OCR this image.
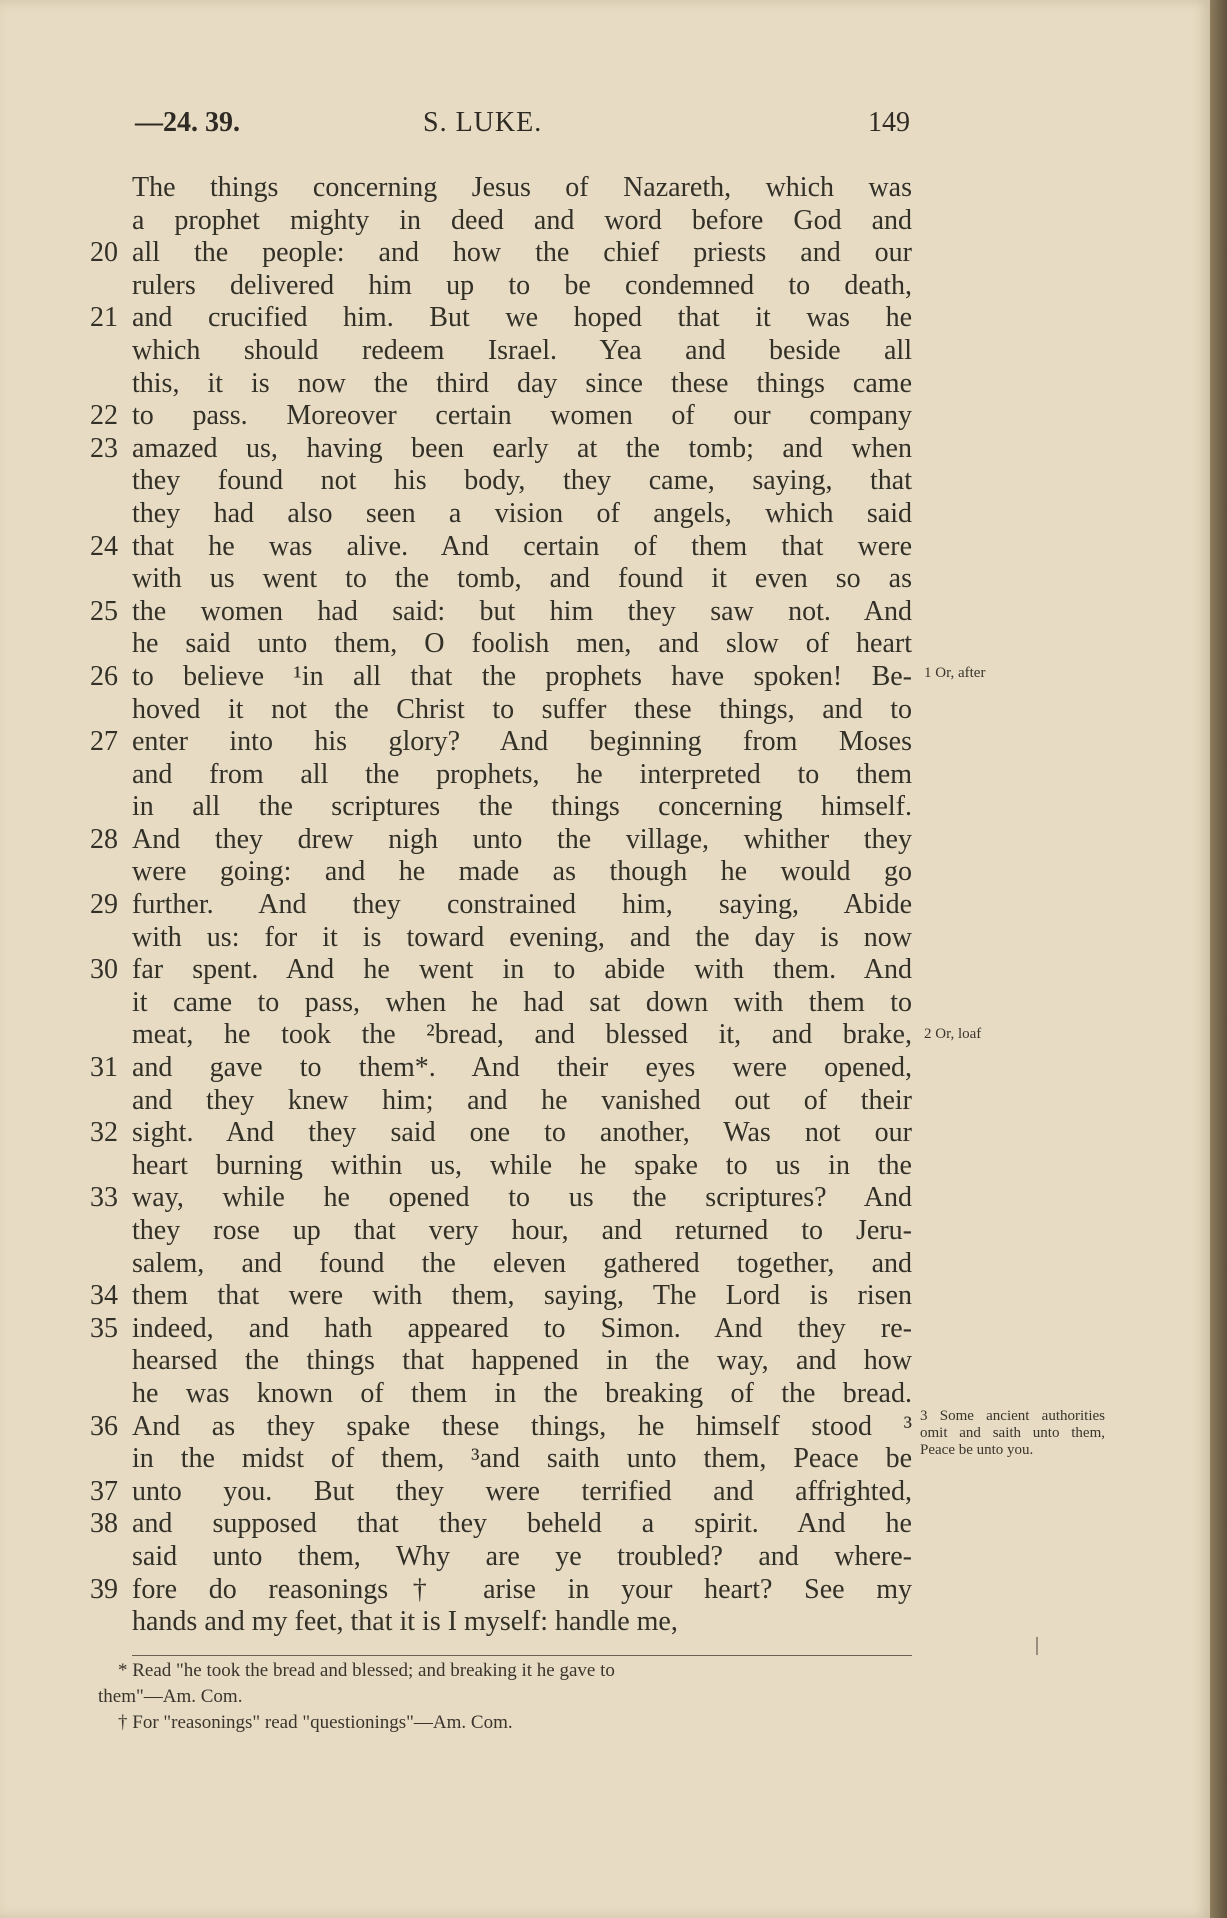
—24. 39.	S. LUKE.	149
The things concerning Jesus of Nazareth, which was
a prophet mighty in deed and word before God and
20 all the people: and how the chief priests and our
rulers delivered him up to be condemned to death,
21 and crucified him. But we hoped that it was he
which should redeem Israel. Yea and beside all
this, it is now the third day since these things came
22 to pass. Moreover certain women of our company
23 amazed us, having been early at the tomb; and when
they found not his body, they came, saying, that
they had also seen a vision of angels, which said
24 that he was alive. And certain of them that were
with us went to the tomb, and found it even so as
25 the women had said: but him they saw not. And
he said unto them, O foolish men, and slow of heart
26 to believe ¹in all that the prophets have spoken! Be-
hoved it not the Christ to suffer these things, and to
27 enter into his glory? And beginning from Moses
and from all the prophets, he interpreted to them
in all the scriptures the things concerning himself.
28 And they drew nigh unto the village, whither they
were going: and he made as though he would go
29 further. And they constrained him, saying, Abide
with us: for it is toward evening, and the day is now
30 far spent. And he went in to abide with them. And
it came to pass, when he had sat down with them to
meat, he took the ²bread, and blessed it, and brake,
31 and gave to them*. And their eyes were opened,
and they knew him; and he vanished out of their
32 sight. And they said one to another, Was not our
heart burning within us, while he spake to us in the
33 way, while he opened to us the scriptures? And
they rose up that very hour, and returned to Jeru-
salem, and found the eleven gathered together, and
34 them that were with them, saying, The Lord is risen
35 indeed, and hath appeared to Simon. And they re-
hearsed the things that happened in the way, and how
he was known of them in the breaking of the bread.
36 And as they spake these things, he himself stood ³
in the midst of them, ³and saith unto them, Peace be
37 unto you. But they were terrified and affrighted,
38 and supposed that they beheld a spirit. And he
said unto them, Why are ye troubled? and where-
39 fore do reasonings† arise in your heart? See my
hands and my feet, that it is I myself: handle me,
1 Or, after
2 Or, loaf
3 Some ancient authorities omit and saith unto them, Peace be unto you.
* Read "he took the bread and blessed; and breaking it he gave to
them"—Am. Com.
† For "reasonings" read "questionings"—Am. Com.
